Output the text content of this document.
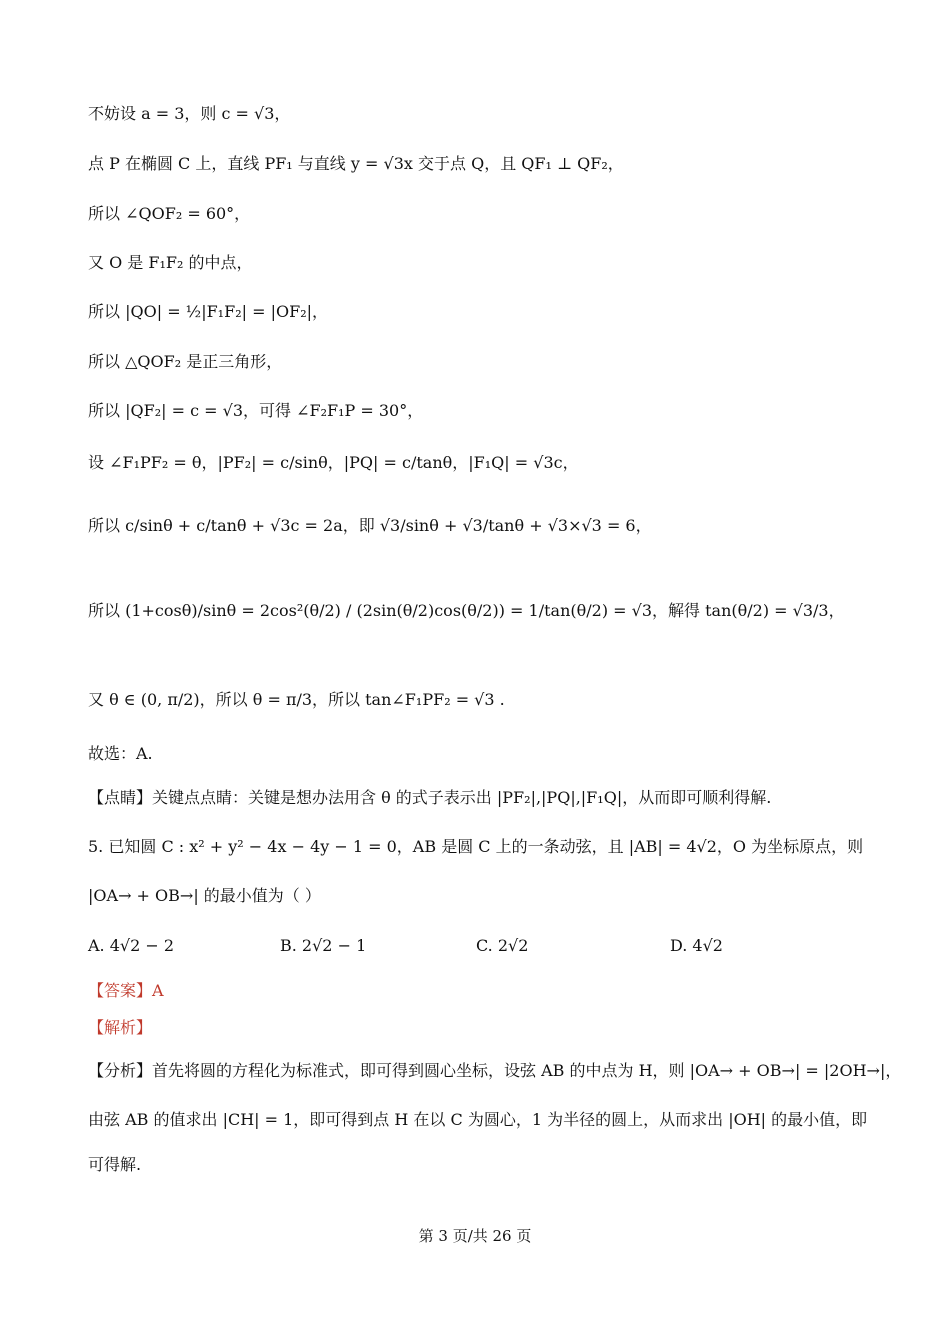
不妨设 a = 3，则 c = √3，
点 P 在椭圆 C 上，直线 PF₁ 与直线 y = √3x 交于点 Q，且 QF₁ ⊥ QF₂，
所以 ∠QOF₂ = 60°，
又 O 是 F₁F₂ 的中点，
所以 |QO| = ½|F₁F₂| = |OF₂|，
所以 △QOF₂ 是正三角形，
所以 |QF₂| = c = √3，可得 ∠F₂F₁P = 30°，
设 ∠F₁PF₂ = θ，|PF₂| = c/sinθ，|PQ| = c/tanθ，|F₁Q| = √3c，
所以 c/sinθ + c/tanθ + √3c = 2a，即 √3/sinθ + √3/tanθ + √3×√3 = 6，
所以 (1+cosθ)/sinθ = 2cos²(θ/2) / (2sin(θ/2)cos(θ/2)) = 1/tan(θ/2) = √3，解得 tan(θ/2) = √3/3，
又 θ ∈ (0, π/2)，所以 θ = π/3，所以 tan∠F₁PF₂ = √3 .
故选：A.
【点睛】关键点点睛：关键是想办法用含 θ 的式子表示出 |PF₂|,|PQ|,|F₁Q|，从而即可顺利得解.
5. 已知圆 C : x² + y² − 4x − 4y − 1 = 0，AB 是圆 C 上的一条动弦，且 |AB| = 4√2，O 为坐标原点，则
|OA→ + OB→| 的最小值为（ ）
A. 4√2 − 2	B. 2√2 − 1	C. 2√2	D. 4√2
【答案】A
【解析】
【分析】首先将圆的方程化为标准式，即可得到圆心坐标，设弦 AB 的中点为 H，则 |OA→ + OB→| = |2OH→|，
由弦 AB 的值求出 |CH| = 1，即可得到点 H 在以 C 为圆心，1 为半径的圆上，从而求出 |OH| 的最小值，即
可得解.
第 3 页/共 26 页
